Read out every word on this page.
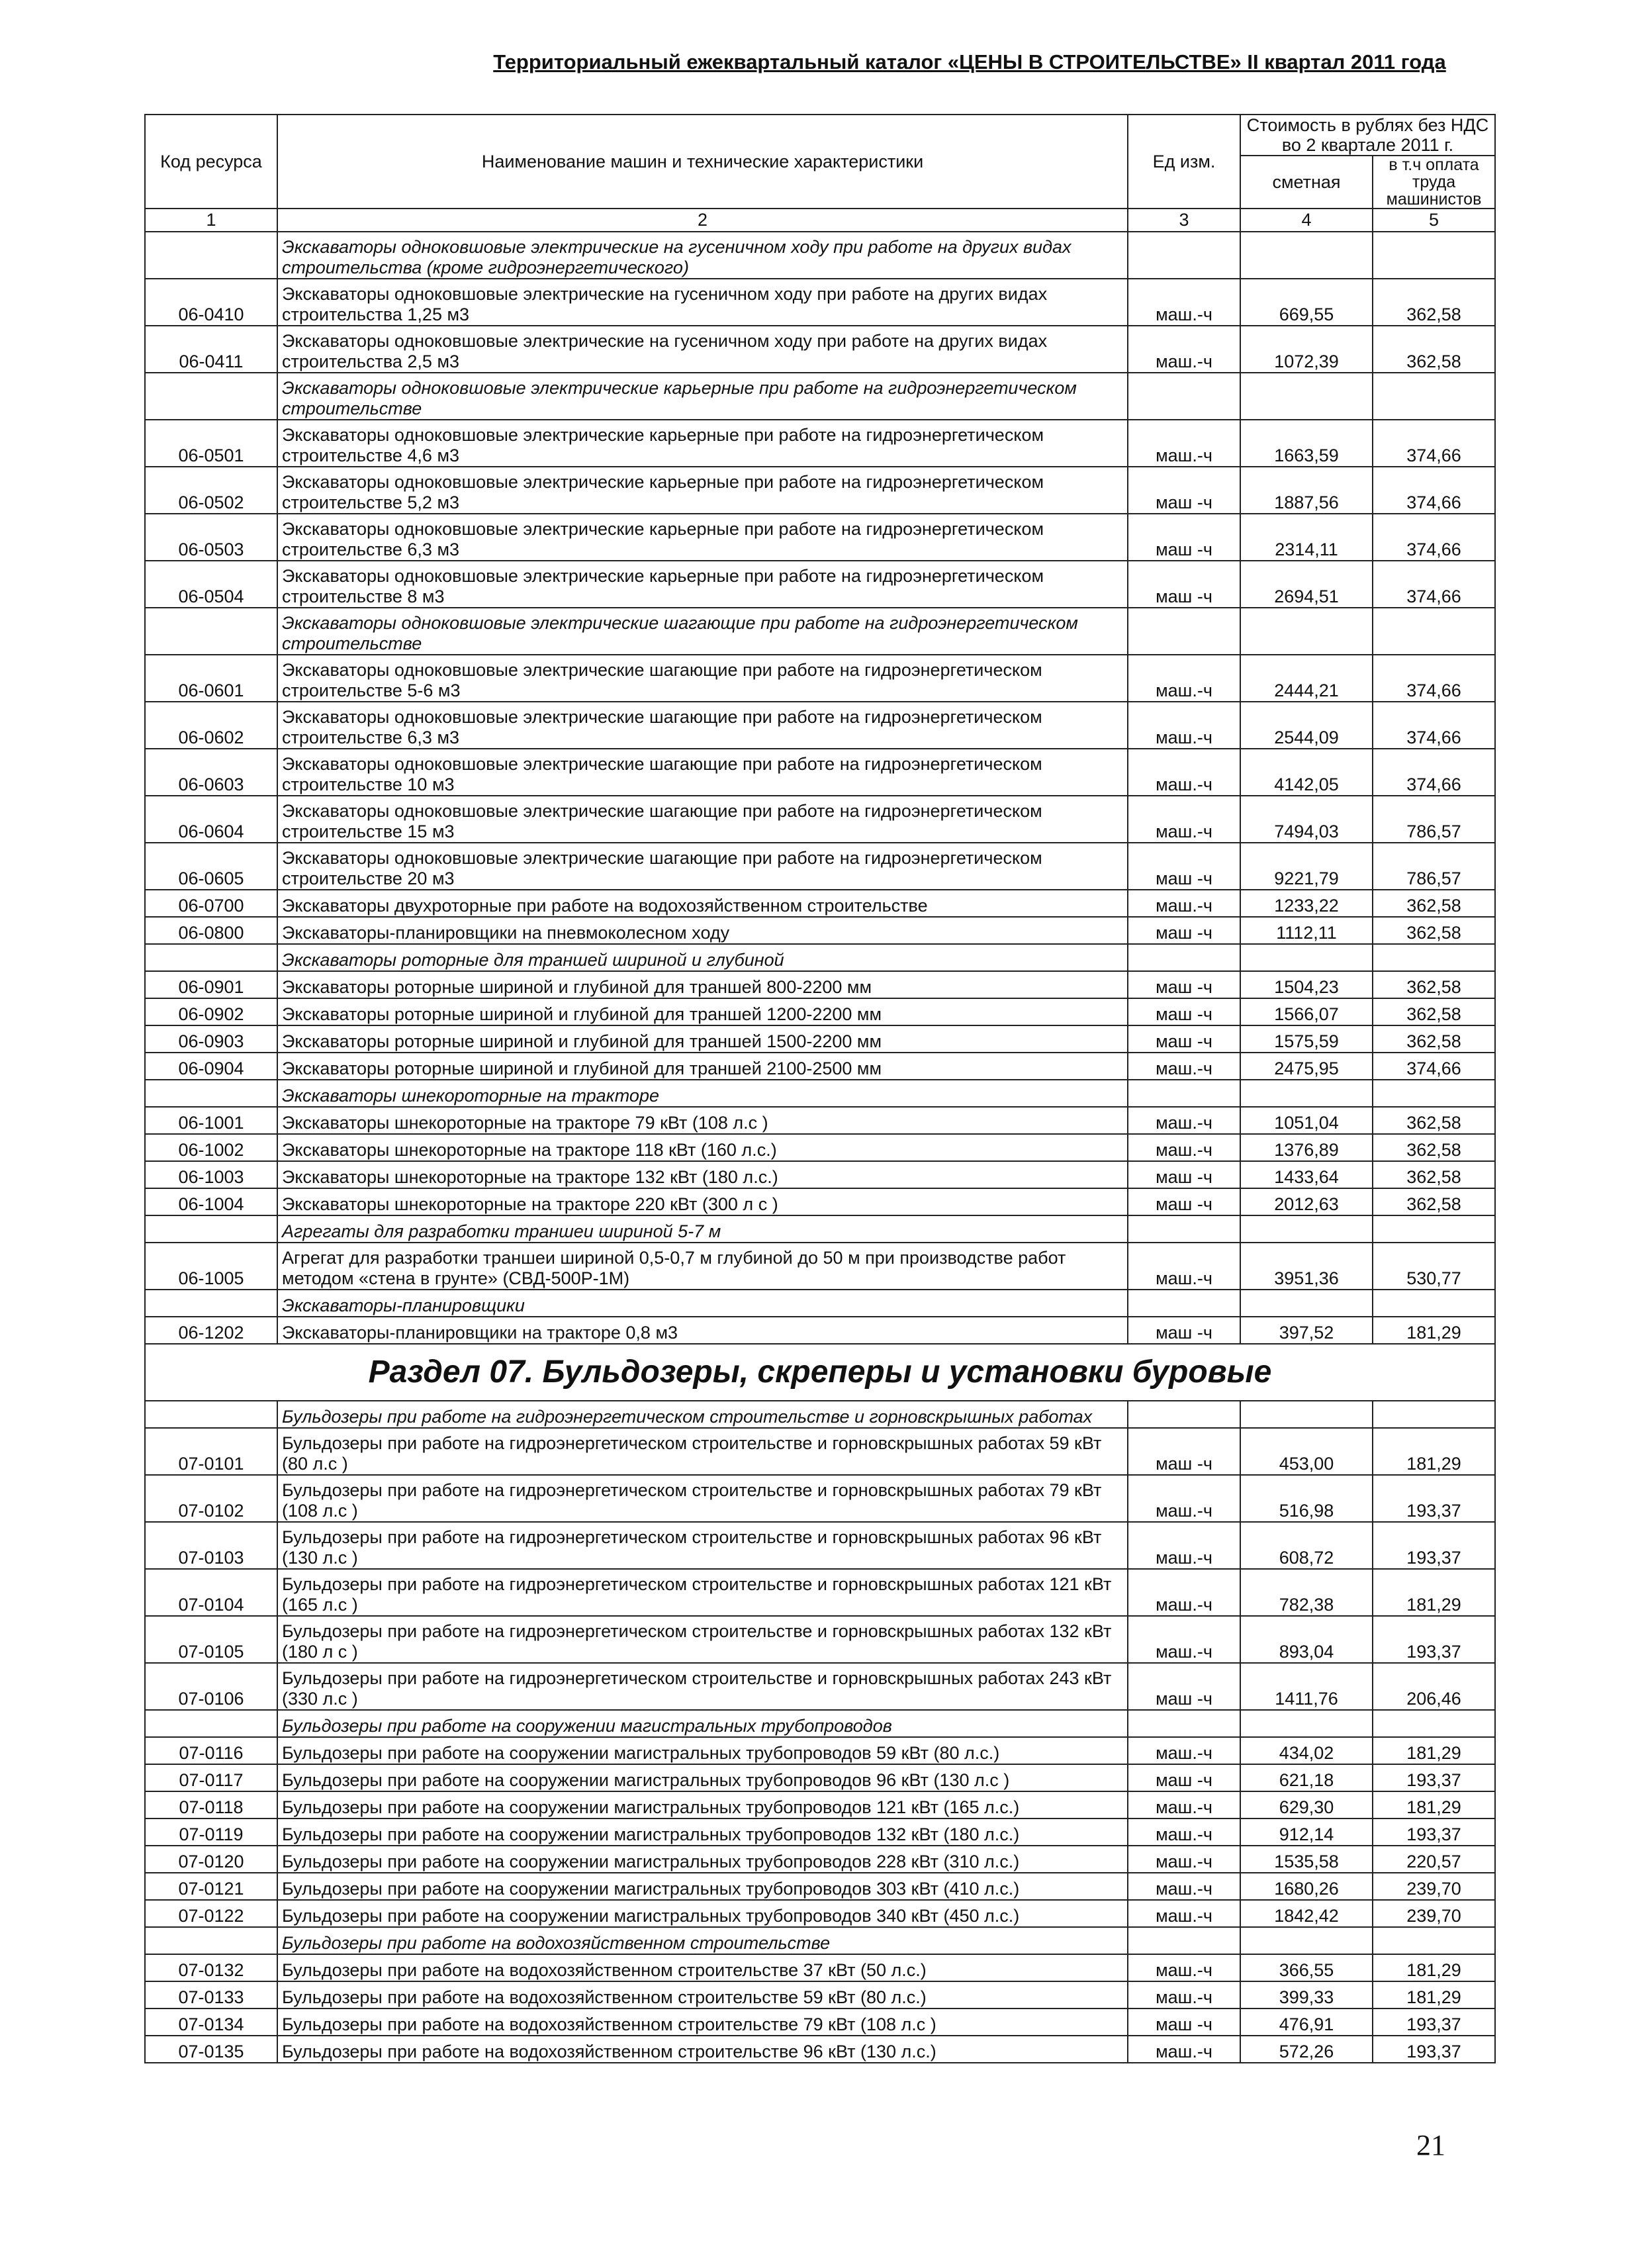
Территориальный ежеквартальный каталог «ЦЕНЫ В СТРОИТЕЛЬСТВЕ» II квартал 2011 года
Код ресурса	Наименование машин и технические характеристики	Ед изм.	Стоимость в рублях без НДС во 2 квартале 2011 г.	
			сметная	в т.ч оплата труда машинистов
1	2	3	4	5
	Экскаваторы одноковшовые электрические на гусеничном ходу при работе на других видах строительства (кроме гидроэнергетического)			
06-0410	Экскаваторы одноковшовые электрические на гусеничном ходу при работе на других видах строительства 1,25 м3	маш.-ч	669,55	362,58
06-0411	Экскаваторы одноковшовые электрические на гусеничном ходу при работе на других видах строительства 2,5 м3	маш.-ч	1072,39	362,58
	Экскаваторы одноковшовые электрические карьерные при работе на гидроэнергетическом строительстве			
06-0501	Экскаваторы одноковшовые электрические карьерные при работе на гидроэнергетическом строительстве 4,6 м3	маш.-ч	1663,59	374,66
06-0502	Экскаваторы одноковшовые электрические карьерные при работе на гидроэнергетическом строительстве 5,2 м3	маш -ч	1887,56	374,66
06-0503	Экскаваторы одноковшовые электрические карьерные при работе на гидроэнергетическом строительстве 6,3 м3	маш -ч	2314,11	374,66
06-0504	Экскаваторы одноковшовые электрические карьерные при работе на гидроэнергетическом строительстве 8 м3	маш -ч	2694,51	374,66
	Экскаваторы одноковшовые электрические шагающие при работе на гидроэнергетическом строительстве			
06-0601	Экскаваторы одноковшовые электрические шагающие при работе на гидроэнергетическом строительстве 5-6 м3	маш.-ч	2444,21	374,66
06-0602	Экскаваторы одноковшовые электрические шагающие при работе на гидроэнергетическом строительстве 6,3 м3	маш.-ч	2544,09	374,66
06-0603	Экскаваторы одноковшовые электрические шагающие при работе на гидроэнергетическом строительстве 10 м3	маш.-ч	4142,05	374,66
06-0604	Экскаваторы одноковшовые электрические шагающие при работе на гидроэнергетическом строительстве 15 м3	маш.-ч	7494,03	786,57
06-0605	Экскаваторы одноковшовые электрические шагающие при работе на гидроэнергетическом строительстве 20 м3	маш -ч	9221,79	786,57
06-0700	Экскаваторы двухроторные при работе на водохозяйственном строительстве	маш.-ч	1233,22	362,58
06-0800	Экскаваторы-планировщики на пневмоколесном ходу	маш -ч	1112,11	362,58
	Экскаваторы роторные для траншей шириной и глубиной			
06-0901	Экскаваторы роторные шириной и глубиной для траншей 800-2200 мм	маш -ч	1504,23	362,58
06-0902	Экскаваторы роторные шириной и глубиной для траншей 1200-2200 мм	маш -ч	1566,07	362,58
06-0903	Экскаваторы роторные шириной и глубиной для траншей 1500-2200 мм	маш -ч	1575,59	362,58
06-0904	Экскаваторы роторные шириной и глубиной для траншей 2100-2500 мм	маш.-ч	2475,95	374,66
	Экскаваторы шнекороторные на тракторе			
06-1001	Экскаваторы шнекороторные на тракторе 79 кВт (108 л.с )	маш.-ч	1051,04	362,58
06-1002	Экскаваторы шнекороторные на тракторе 118 кВт (160 л.с.)	маш.-ч	1376,89	362,58
06-1003	Экскаваторы шнекороторные на тракторе 132 кВт (180 л.с.)	маш -ч	1433,64	362,58
06-1004	Экскаваторы шнекороторные на тракторе 220 кВт (300 л с )	маш -ч	2012,63	362,58
	Агрегаты для разработки траншеи шириной 5-7 м			
06-1005	Агрегат для разработки траншеи шириной 0,5-0,7 м глубиной до 50 м при производстве работ методом «стена в грунте» (СВД-500Р-1М)	маш.-ч	3951,36	530,77
	Экскаваторы-планировщики			
06-1202	Экскаваторы-планировщики на тракторе 0,8 м3	маш -ч	397,52	181,29
Раздел 07. Бульдозеры, скреперы и установки буровые				
	Бульдозеры при работе на гидроэнергетическом строительстве и горновскрышных работах			
07-0101	Бульдозеры при работе на гидроэнергетическом строительстве и горновскрышных работах 59 кВт (80 л.с )	маш -ч	453,00	181,29
07-0102	Бульдозеры при работе на гидроэнергетическом строительстве и горновскрышных работах 79 кВт (108 л.с )	маш.-ч	516,98	193,37
07-0103	Бульдозеры при работе на гидроэнергетическом строительстве и горновскрышных работах 96 кВт (130 л.с )	маш.-ч	608,72	193,37
07-0104	Бульдозеры при работе на гидроэнергетическом строительстве и горновскрышных работах 121 кВт (165 л.с )	маш.-ч	782,38	181,29
07-0105	Бульдозеры при работе на гидроэнергетическом строительстве и горновскрышных работах 132 кВт (180 л с )	маш.-ч	893,04	193,37
07-0106	Бульдозеры при работе на гидроэнергетическом строительстве и горновскрышных работах 243 кВт (330 л.с )	маш -ч	1411,76	206,46
	Бульдозеры при работе на сооружении магистральных трубопроводов			
07-0116	Бульдозеры при работе на сооружении магистральных трубопроводов 59 кВт (80 л.с.)	маш.-ч	434,02	181,29
07-0117	Бульдозеры при работе на сооружении магистральных трубопроводов 96 кВт (130 л.с )	маш -ч	621,18	193,37
07-0118	Бульдозеры при работе на сооружении магистральных трубопроводов 121 кВт (165 л.с.)	маш.-ч	629,30	181,29
07-0119	Бульдозеры при работе на сооружении магистральных трубопроводов 132 кВт (180 л.с.)	маш.-ч	912,14	193,37
07-0120	Бульдозеры при работе на сооружении магистральных трубопроводов 228 кВт (310 л.с.)	маш.-ч	1535,58	220,57
07-0121	Бульдозеры при работе на сооружении магистральных трубопроводов 303 кВт (410 л.с.)	маш.-ч	1680,26	239,70
07-0122	Бульдозеры при работе на сооружении магистральных трубопроводов 340 кВт (450 л.с.)	маш.-ч	1842,42	239,70
	Бульдозеры при работе на водохозяйственном строительстве			
07-0132	Бульдозеры при работе на водохозяйственном строительстве 37 кВт (50 л.с.)	маш.-ч	366,55	181,29
07-0133	Бульдозеры при работе на водохозяйственном строительстве 59 кВт (80 л.с.)	маш.-ч	399,33	181,29
07-0134	Бульдозеры при работе на водохозяйственном строительстве 79 кВт (108 л.с )	маш -ч	476,91	193,37
07-0135	Бульдозеры при работе на водохозяйственном строительстве 96 кВт (130 л.с.)	маш.-ч	572,26	193,37
21
